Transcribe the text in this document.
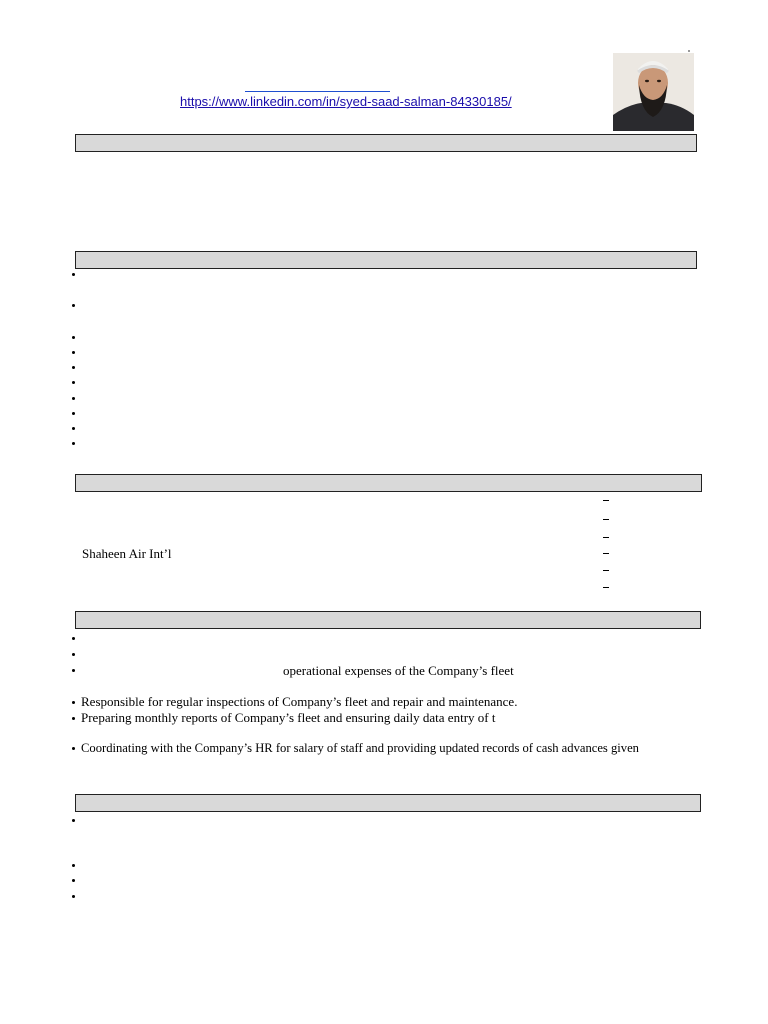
https://www.linkedin.com/in/syed-saad-salman-84330185/
Shaheen Air Int’l
operational expenses of the Company’s fleet
Responsible for regular inspections of Company’s fleet and repair and maintenance.
Preparing monthly reports of Company’s fleet and ensuring daily data entry of t
Coordinating with the Company’s HR for salary of staff and providing updated records of cash advances given
